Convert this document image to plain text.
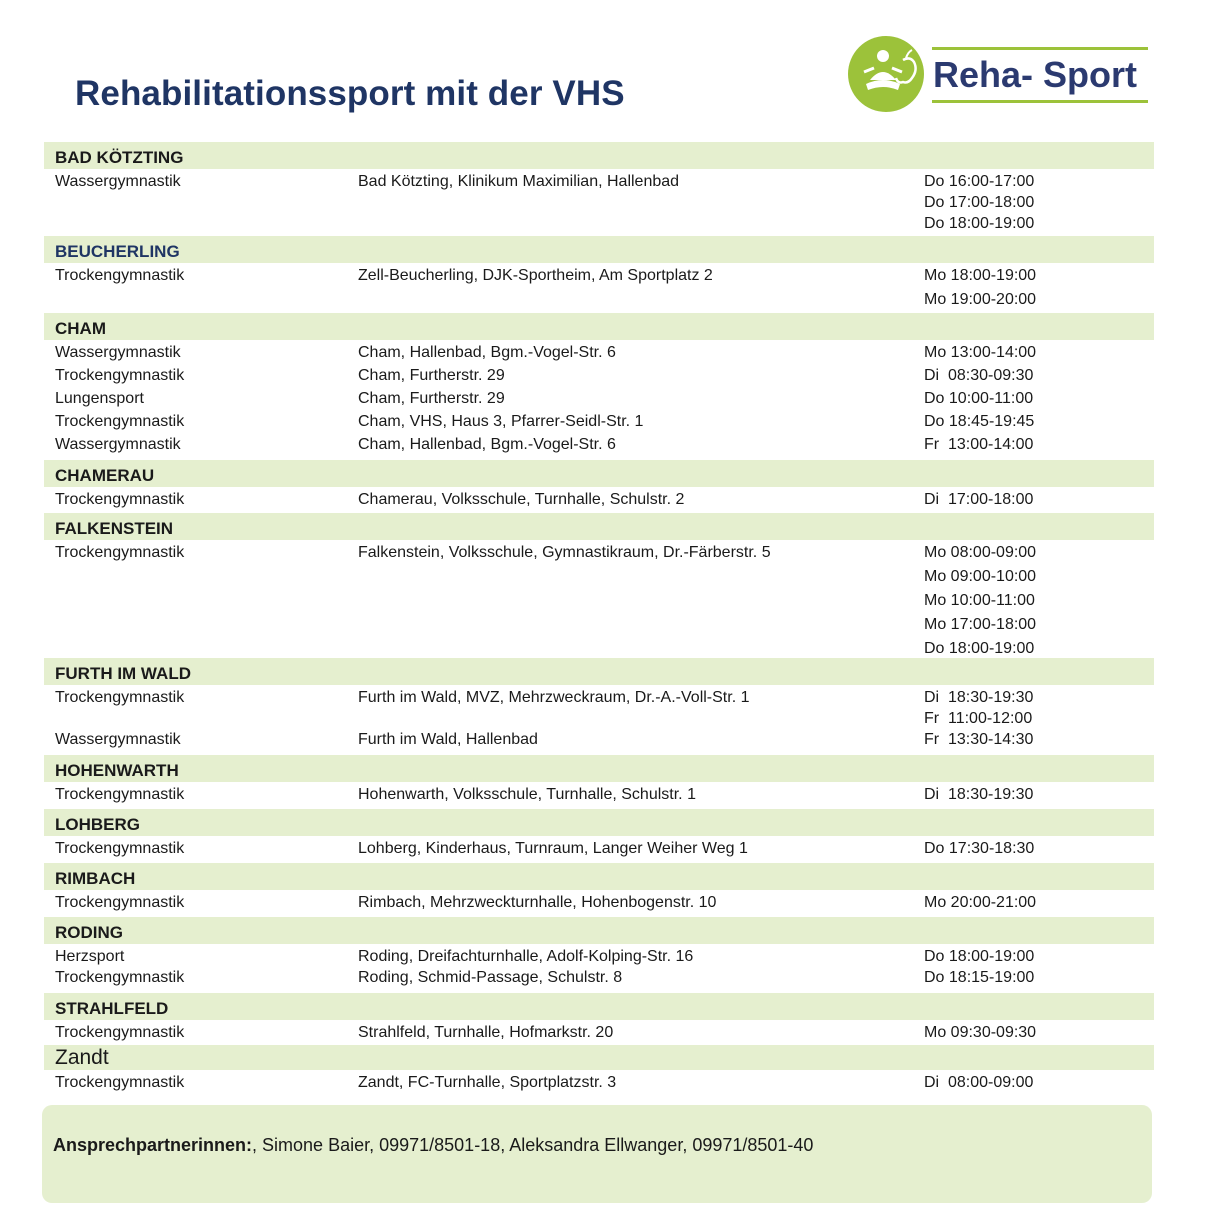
Rehabilitationssport mit der VHS	Reha- Sport
BAD KÖTZTING
Wassergymnastik	Bad Kötzting, Klinikum Maximilian, Hallenbad	Do 16:00-17:00
Do 17:00-18:00
Do 18:00-19:00
BEUCHERLING
Trockengymnastik	Zell-Beucherling, DJK-Sportheim, Am Sportplatz 2	Mo 18:00-19:00
Mo 19:00-20:00
CHAM
Wassergymnastik	Cham, Hallenbad, Bgm.-Vogel-Str. 6	Mo 13:00-14:00
Trockengymnastik	Cham, Furtherstr. 29	Di  08:30-09:30
Lungensport	Cham, Furtherstr. 29	Do 10:00-11:00
Trockengymnastik	Cham, VHS, Haus 3, Pfarrer-Seidl-Str. 1	Do 18:45-19:45
Wassergymnastik	Cham, Hallenbad, Bgm.-Vogel-Str. 6	Fr  13:00-14:00
CHAMERAU
Trockengymnastik	Chamerau, Volksschule, Turnhalle, Schulstr. 2	Di  17:00-18:00
FALKENSTEIN
Trockengymnastik	Falkenstein, Volksschule, Gymnastikraum, Dr.-Färberstr. 5	Mo 08:00-09:00
Mo 09:00-10:00
Mo 10:00-11:00
Mo 17:00-18:00
Do 18:00-19:00
FURTH IM WALD
Trockengymnastik	Furth im Wald, MVZ, Mehrzweckraum, Dr.-A.-Voll-Str. 1	Di  18:30-19:30
Fr  11:00-12:00
Wassergymnastik	Furth im Wald, Hallenbad	Fr  13:30-14:30
HOHENWARTH
Trockengymnastik	Hohenwarth, Volksschule, Turnhalle, Schulstr. 1	Di  18:30-19:30
LOHBERG
Trockengymnastik	Lohberg, Kinderhaus, Turnraum, Langer Weiher Weg 1	Do 17:30-18:30
RIMBACH
Trockengymnastik	Rimbach, Mehrzweckturnhalle, Hohenbogenstr. 10	Mo 20:00-21:00
RODING
Herzsport	Roding, Dreifachturnhalle, Adolf-Kolping-Str. 16	Do 18:00-19:00
Trockengymnastik	Roding, Schmid-Passage, Schulstr. 8	Do 18:15-19:00
STRAHLFELD
Trockengymnastik	Strahlfeld, Turnhalle, Hofmarkstr. 20	Mo 09:30-09:30
Zandt
Trockengymnastik	Zandt, FC-Turnhalle, Sportplatzstr. 3	Di  08:00-09:00
Ansprechpartnerinnen:, Simone Baier, 09971/8501-18, Aleksandra Ellwanger, 09971/8501-40
